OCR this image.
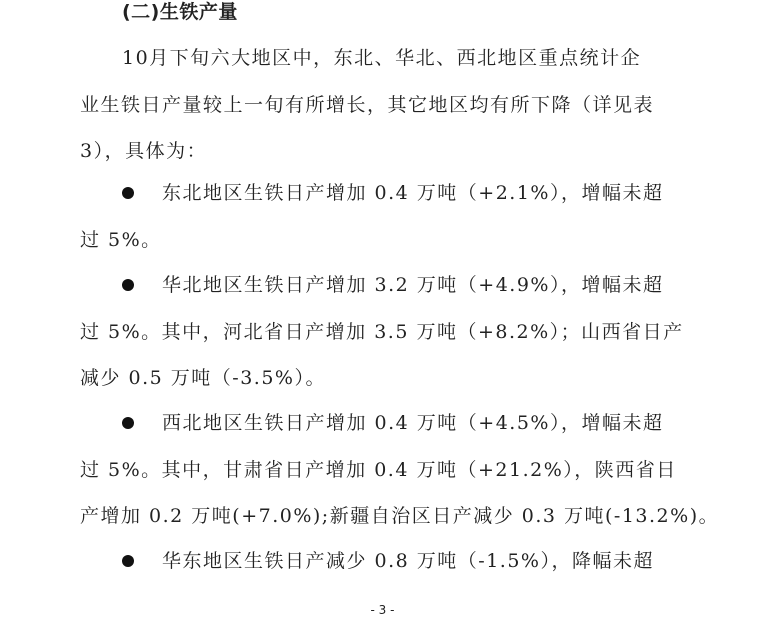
(二)生铁产量
10月下旬六大地区中，东北、华北、西北地区重点统计企
业生铁日产量较上一旬有所增长，其它地区均有所下降（详见表
3），具体为：
东北地区生铁日产增加 0.4 万吨（+2.1%），增幅未超
过 5%。
华北地区生铁日产增加 3.2 万吨（+4.9%），增幅未超
过 5%。其中，河北省日产增加 3.5 万吨（+8.2%）；山西省日产
减少 0.5 万吨（-3.5%）。
西北地区生铁日产增加 0.4 万吨（+4.5%），增幅未超
过 5%。其中，甘肃省日产增加 0.4 万吨（+21.2%），陕西省日
产增加 0.2 万吨(+7.0%);新疆自治区日产减少 0.3 万吨(-13.2%)。
华东地区生铁日产减少 0.8 万吨（-1.5%），降幅未超
- 3 -
